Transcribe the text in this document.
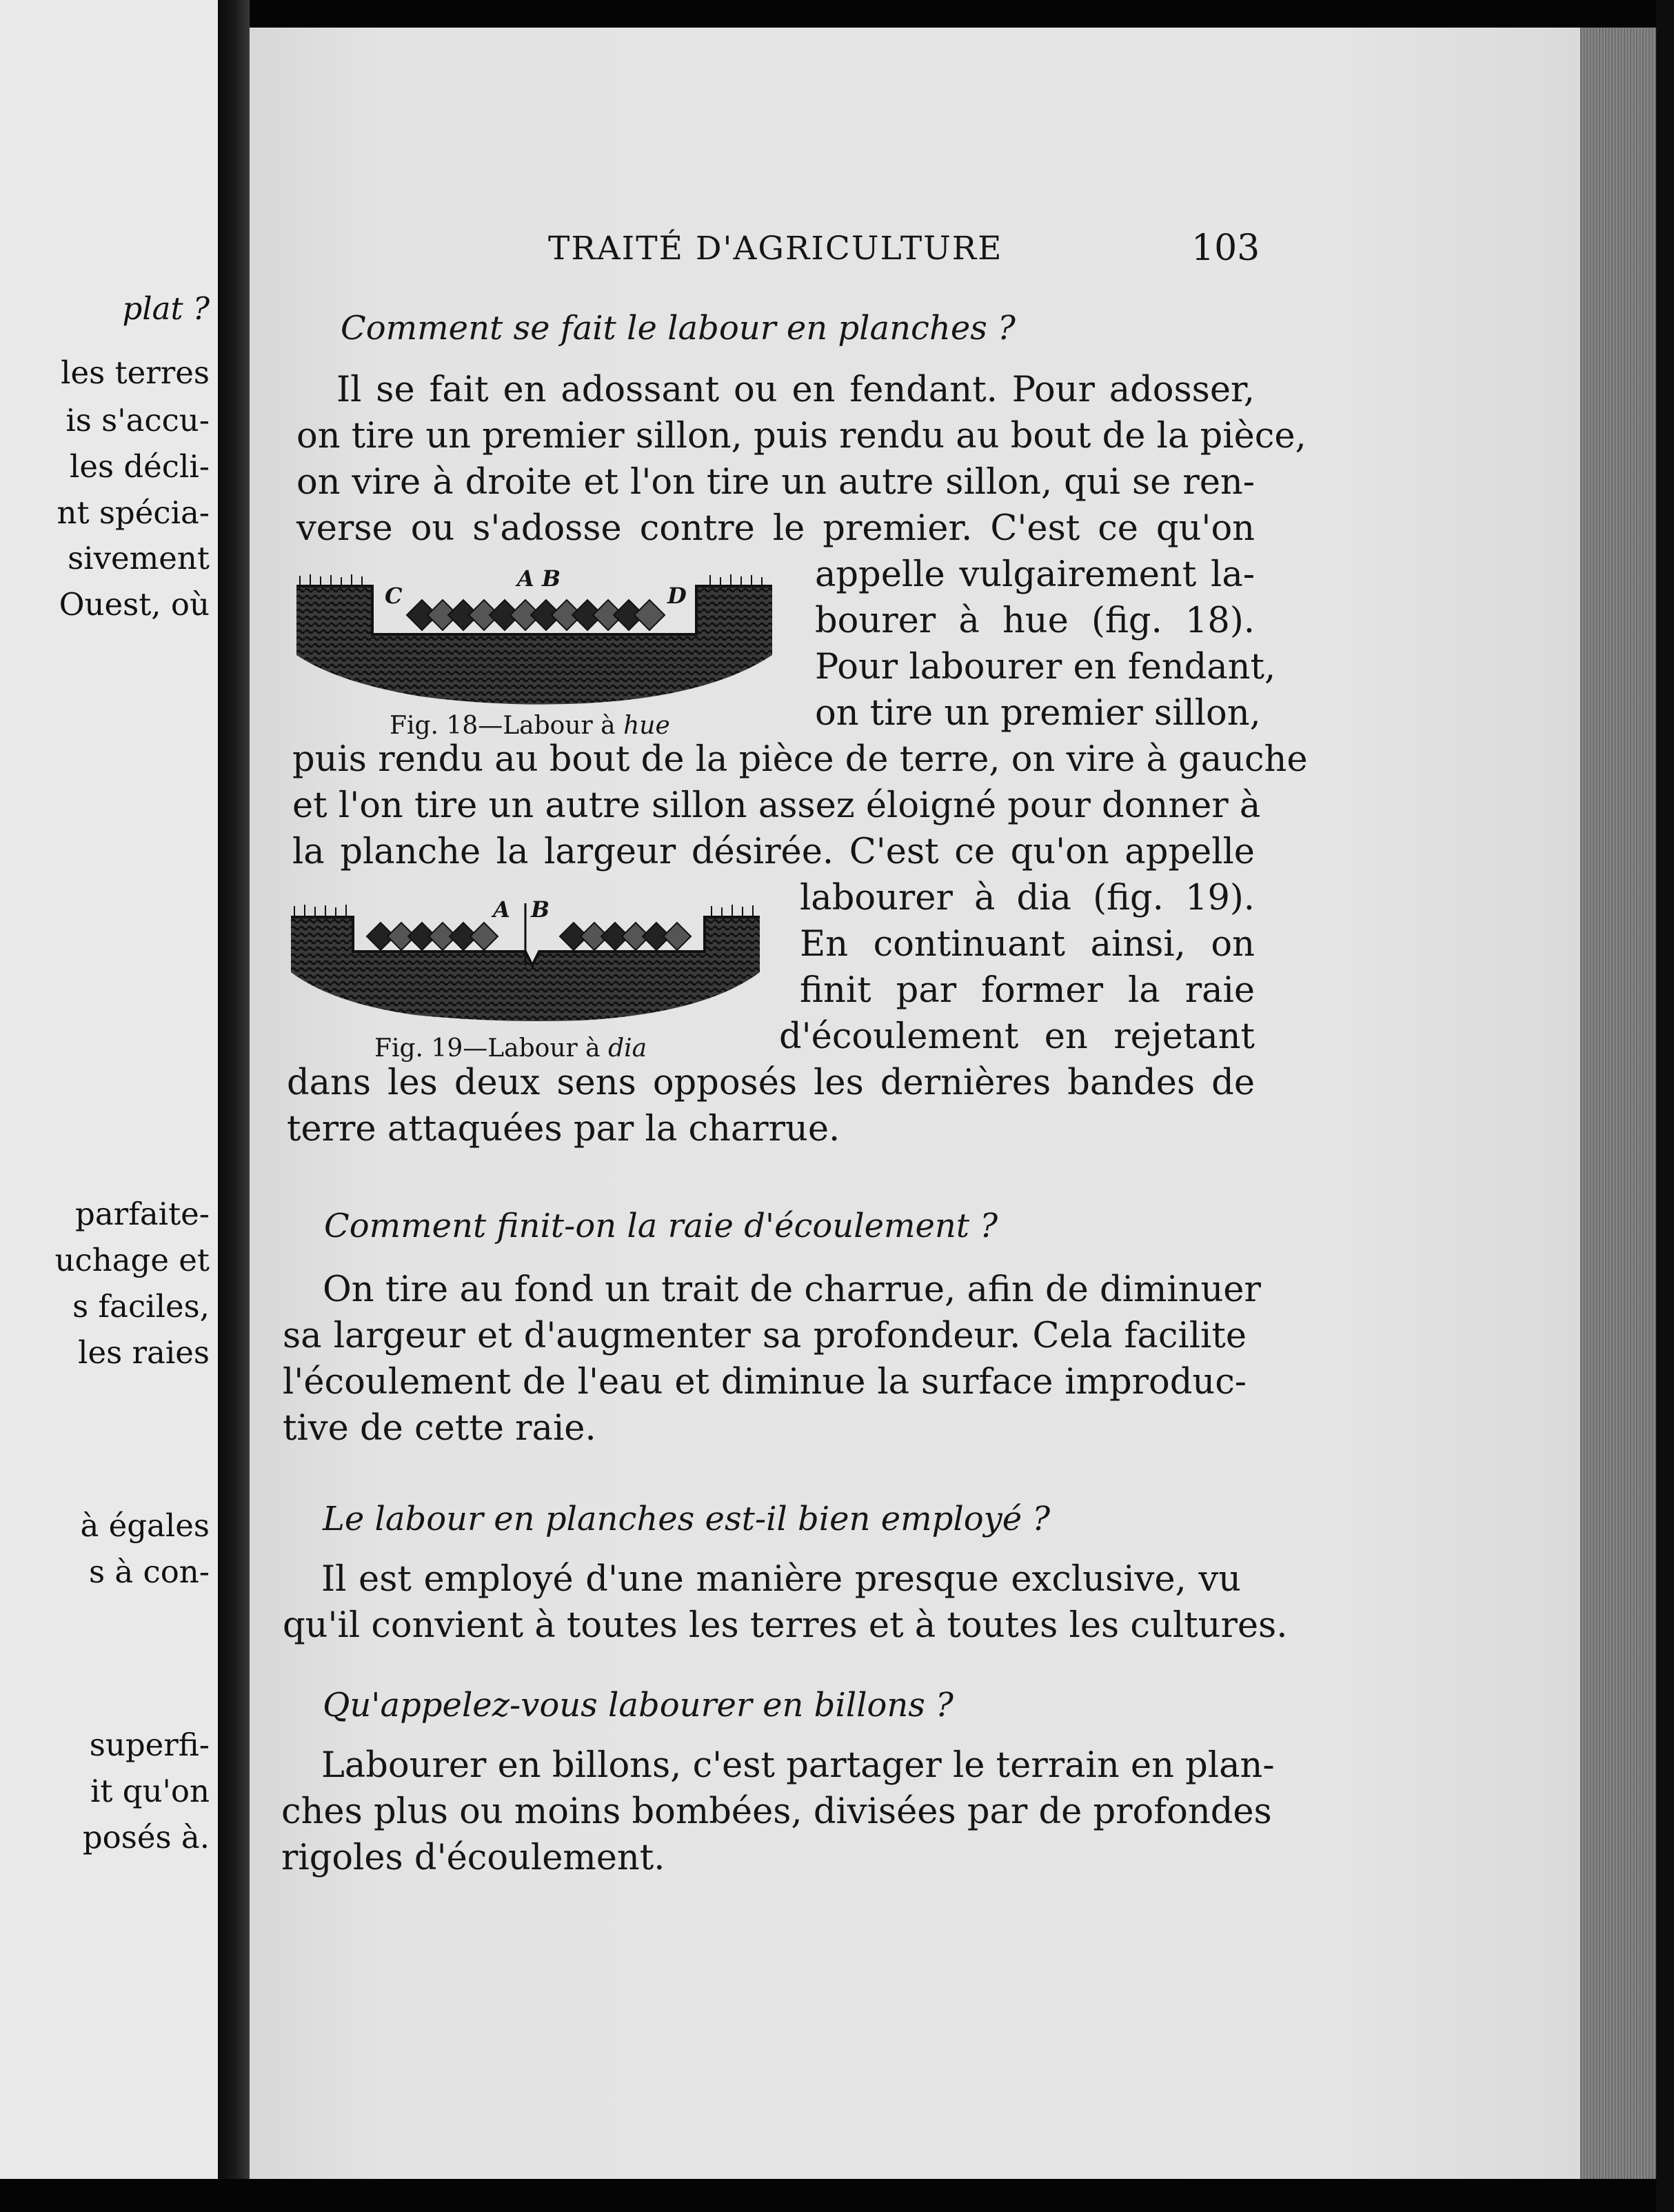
plat ?
les terres
is s'accu-
les décli-
nt spécia-
sivement
Ouest, où
parfaite-
uchage et
s faciles,
les raies
à égales
s à con-
superfi-
it qu'on
posés à.
TRAITÉ D'AGRICULTURE	103
Comment se fait le labour en planches ?
Il se fait en adossant ou en fendant. Pour adosser,
on tire un premier sillon, puis rendu au bout de la pièce,
on vire à droite et l'on tire un autre sillon, qui se ren-
verse ou s'adosse contre le premier. C'est ce qu'on
appelle vulgairement la-
bourer à hue (fig. 18).
Pour labourer en fendant,
on tire un premier sillon,
puis rendu au bout de la pièce de terre, on vire à gauche
et l'on tire un autre sillon assez éloigné pour donner à
la planche la largeur désirée. C'est ce qu'on appelle
labourer à dia (fig. 19).
En continuant ainsi, on
finit par former la raie
d'écoulement en rejetant
dans les deux sens opposés les dernières bandes de
terre attaquées par la charrue.
C
A B
D
Fig. 18—Labour à hue
A B
Fig. 19—Labour à dia
Comment finit-on la raie d'écoulement ?
On tire au fond un trait de charrue, afin de diminuer
sa largeur et d'augmenter sa profondeur. Cela facilite
l'écoulement de l'eau et diminue la surface improduc-
tive de cette raie.
Le labour en planches est-il bien employé ?
Il est employé d'une manière presque exclusive, vu
qu'il convient à toutes les terres et à toutes les cultures.
Qu'appelez-vous labourer en billons ?
Labourer en billons, c'est partager le terrain en plan-
ches plus ou moins bombées, divisées par de profondes
rigoles d'écoulement.
